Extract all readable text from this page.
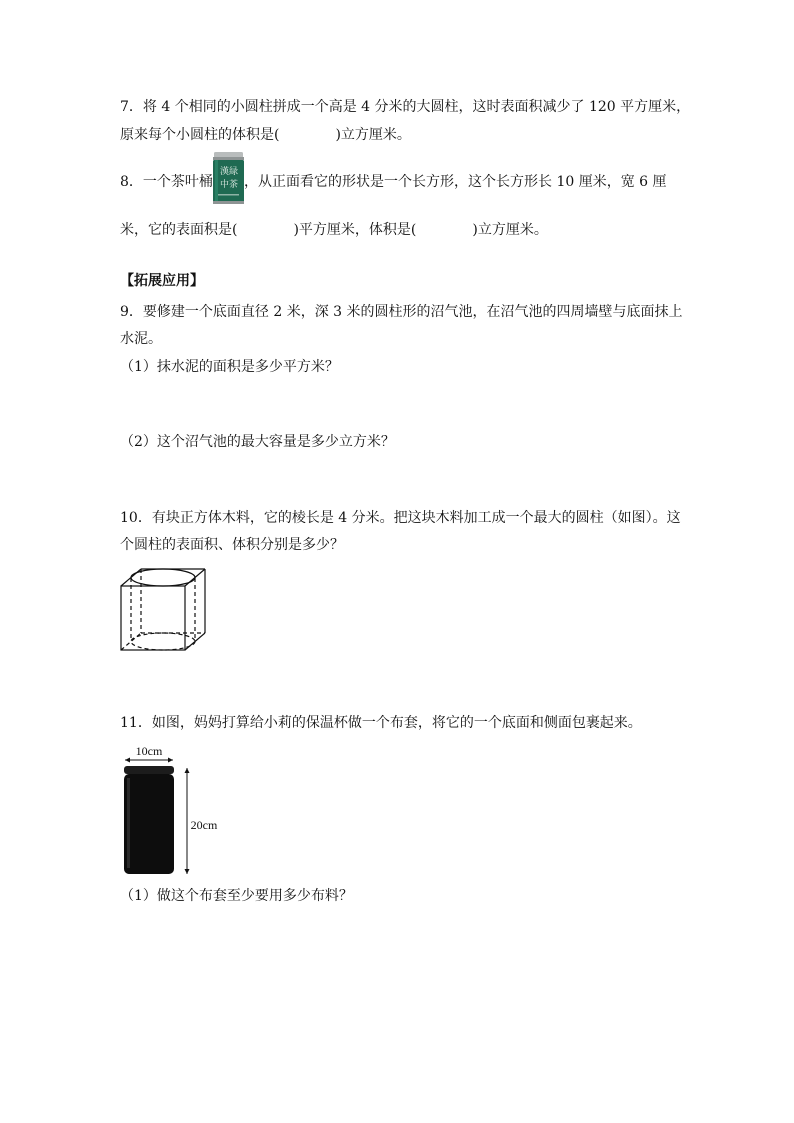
7．将 4 个相同的小圆柱拼成一个高是 4 分米的大圆柱，这时表面积减少了 120 平方厘米，
原来每个小圆柱的体积是(　　　　)立方厘米。
8．一个茶叶桶
漢緑
中茶 ，从正面看它的形状是一个长方形，这个长方形长 10 厘米，宽 6 厘
米，它的表面积是(　　　　)平方厘米，体积是(　　　　)立方厘米。
【拓展应用】
9．要修建一个底面直径 2 米，深 3 米的圆柱形的沼气池，在沼气池的四周墙壁与底面抹上
水泥。
（1）抹水泥的面积是多少平方米？
（2）这个沼气池的最大容量是多少立方米？
10．有块正方体木料，它的棱长是 4 分米。把这块木料加工成一个最大的圆柱（如图）。这
个圆柱的表面积、体积分别是多少？
11．如图，妈妈打算给小莉的保温杯做一个布套，将它的一个底面和侧面包裹起来。
10cm
20cm
（1）做这个布套至少要用多少布料？
